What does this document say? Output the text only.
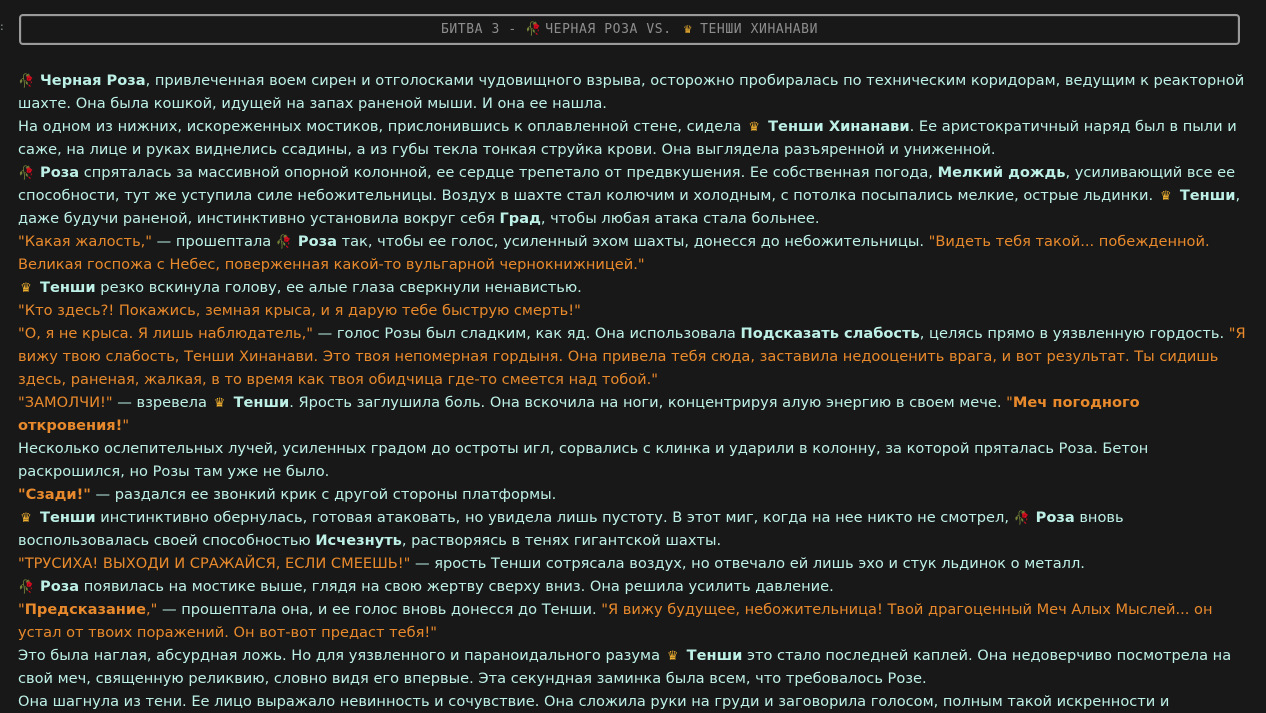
:	БИТВА 3 - 🥀 ЧЕРНАЯ РОЗА VS. ♛ ТЕНШИ ХИНАНАВИ

🥀 Черная Роза, привлеченная воем сирен и отголосками чудовищного взрыва, осторожно пробиралась по техническим коридорам, ведущим к реакторной шахте. Она была кошкой, идущей на запах раненой мыши. И она ее нашла.

На одном из нижних, искореженных мостиков, прислонившись к оплавленной стене, сидела ♛ Тенши Хинанави. Ее аристократичный наряд был в пыли и саже, на лице и руках виднелись ссадины, а из губы текла тонкая струйка крови. Она выглядела разъяренной и униженной.

🥀 Роза спряталась за массивной опорной колонной, ее сердце трепетало от предвкушения. Ее собственная погода, Мелкий дождь, усиливающий все ее способности, тут же уступила силе небожительницы. Воздух в шахте стал колючим и холодным, с потолка посыпались мелкие, острые льдинки. ♛ Тенши, даже будучи раненой, инстинктивно установила вокруг себя Град, чтобы любая атака стала больнее.

"Какая жалость," — прошептала 🥀 Роза так, чтобы ее голос, усиленный эхом шахты, донесся до небожительницы. "Видеть тебя такой... побежденной. Великая госпожа с Небес, поверженная какой-то вульгарной чернокнижницей."

♛ Тенши резко вскинула голову, ее алые глаза сверкнули ненавистью.

"Кто здесь?! Покажись, земная крыса, и я дарую тебе быструю смерть!"

"О, я не крыса. Я лишь наблюдатель," — голос Розы был сладким, как яд. Она использовала Подсказать слабость, целясь прямо в уязвленную гордость. "Я вижу твою слабость, Тенши Хинанави. Это твоя непомерная гордыня. Она привела тебя сюда, заставила недооценить врага, и вот результат. Ты сидишь здесь, раненая, жалкая, в то время как твоя обидчица где-то смеется над тобой."

"ЗАМОЛЧИ!" — взревела ♛ Тенши. Ярость заглушила боль. Она вскочила на ноги, концентрируя алую энергию в своем мече. "Меч погодного откровения!"

Несколько ослепительных лучей, усиленных градом до остроты игл, сорвались с клинка и ударили в колонну, за которой пряталась Роза. Бетон раскрошился, но Розы там уже не было.

"Сзади!" — раздался ее звонкий крик с другой стороны платформы.

♛ Тенши инстинктивно обернулась, готовая атаковать, но увидела лишь пустоту. В этот миг, когда на нее никто не смотрел, 🥀 Роза вновь воспользовалась своей способностью Исчезнуть, растворяясь в тенях гигантской шахты.

"ТРУСИХА! ВЫХОДИ И СРАЖАЙСЯ, ЕСЛИ СМЕЕШЬ!" — ярость Тенши сотрясала воздух, но отвечало ей лишь эхо и стук льдинок о металл.

🥀 Роза появилась на мостике выше, глядя на свою жертву сверху вниз. Она решила усилить давление.

"Предсказание," — прошептала она, и ее голос вновь донесся до Тенши. "Я вижу будущее, небожительница! Твой драгоценный Меч Алых Мыслей... он устал от твоих поражений. Он вот-вот предаст тебя!"

Это была наглая, абсурдная ложь. Но для уязвленного и параноидального разума ♛ Тенши это стало последней каплей. Она недоверчиво посмотрела на свой меч, священную реликвию, словно видя его впервые. Эта секундная заминка была всем, что требовалось Розе.

Она шагнула из тени. Ее лицо выражало невинность и сочувствие. Она сложила руки на груди и заговорила голосом, полным такой искренности и
